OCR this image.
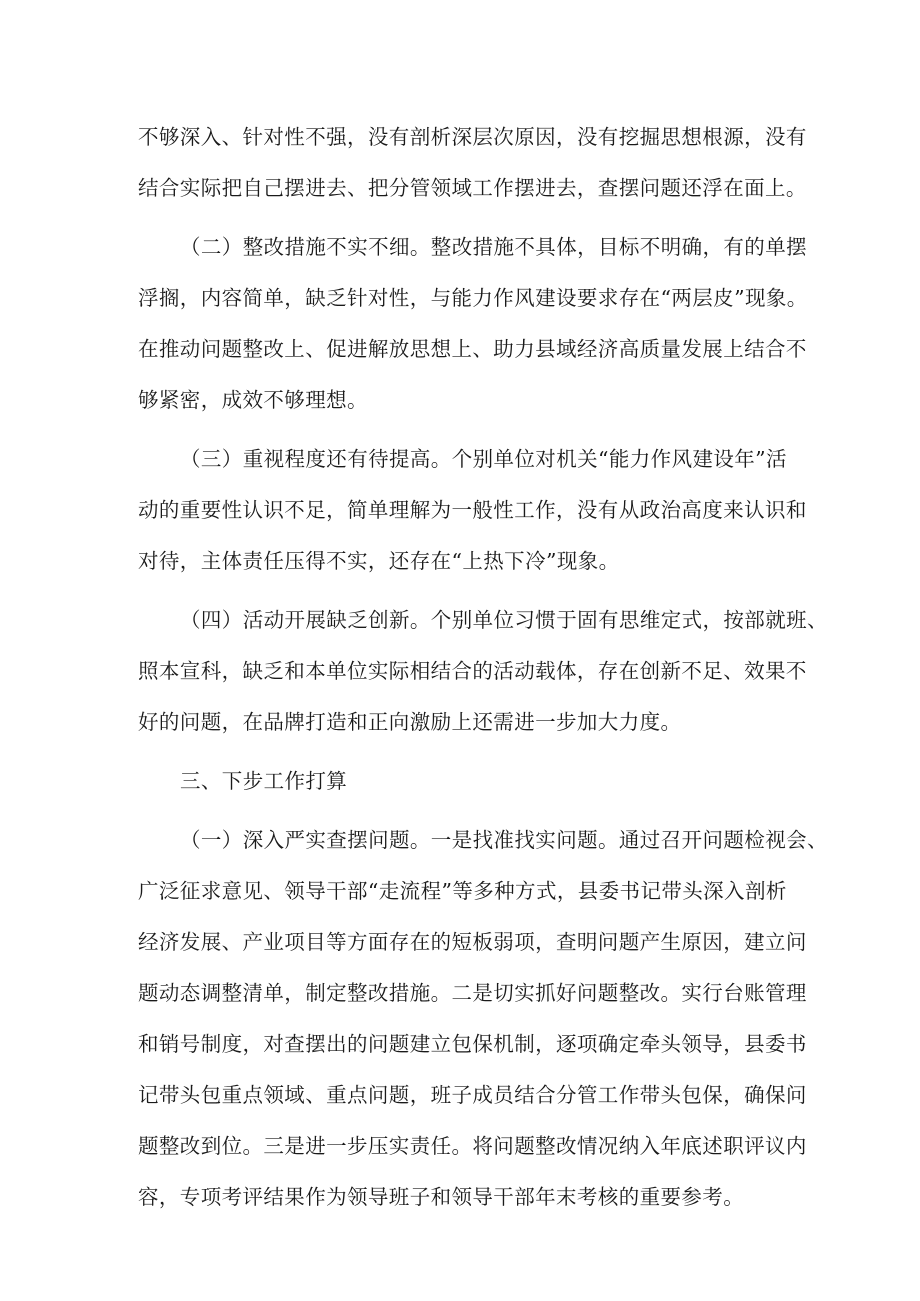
不够深入、针对性不强，没有剖析深层次原因，没有挖掘思想根源，没有
结合实际把自己摆进去、把分管领域工作摆进去，查摆问题还浮在面上。

（二）整改措施不实不细。整改措施不具体，目标不明确，有的单摆
浮搁，内容简单，缺乏针对性，与能力作风建设要求存在“两层皮”现象。
在推动问题整改上、促进解放思想上、助力县域经济高质量发展上结合不
够紧密，成效不够理想。

（三）重视程度还有待提高。个别单位对机关“能力作风建设年”活
动的重要性认识不足，简单理解为一般性工作，没有从政治高度来认识和
对待，主体责任压得不实，还存在“上热下冷”现象。

（四）活动开展缺乏创新。个别单位习惯于固有思维定式，按部就班、
照本宣科，缺乏和本单位实际相结合的活动载体，存在创新不足、效果不
好的问题，在品牌打造和正向激励上还需进一步加大力度。

三、下步工作打算

（一）深入严实查摆问题。一是找准找实问题。通过召开问题检视会、
广泛征求意见、领导干部“走流程”等多种方式，县委书记带头深入剖析
经济发展、产业项目等方面存在的短板弱项，查明问题产生原因，建立问
题动态调整清单，制定整改措施。二是切实抓好问题整改。实行台账管理
和销号制度，对查摆出的问题建立包保机制，逐项确定牵头领导，县委书
记带头包重点领域、重点问题，班子成员结合分管工作带头包保，确保问
题整改到位。三是进一步压实责任。将问题整改情况纳入年底述职评议内
容，专项考评结果作为领导班子和领导干部年末考核的重要参考。
